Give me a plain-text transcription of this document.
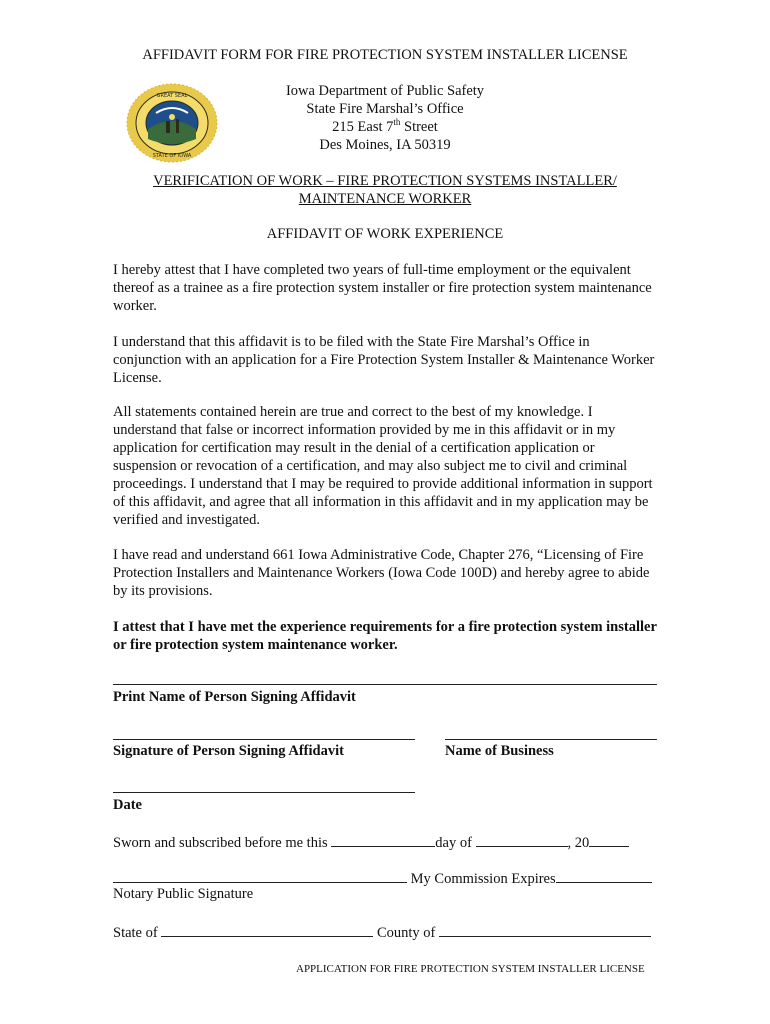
AFFIDAVIT FORM FOR FIRE PROTECTION SYSTEM INSTALLER LICENSE
GREAT SEAL
STATE OF IOWA
Iowa Department of Public Safety
State Fire Marshal’s Office
215 East 7th Street
Des Moines, IA 50319
VERIFICATION OF WORK – FIRE PROTECTION SYSTEMS INSTALLER/
MAINTENANCE WORKER
AFFIDAVIT OF WORK EXPERIENCE
I hereby attest that I have completed two years of full-time employment or the equivalent thereof as a trainee as a fire protection system installer or fire protection system maintenance worker.
I understand that this affidavit is to be filed with the State Fire Marshal’s Office in conjunction with an application for a Fire Protection System Installer & Maintenance Worker License.
All statements contained herein are true and correct to the best of my knowledge. I understand that false or incorrect information provided by me in this affidavit or in my application for certification may result in the denial of a certification application or suspension or revocation of a certification, and may also subject me to civil and criminal proceedings. I understand that I may be required to provide additional information in support of this affidavit, and agree that all information in this affidavit and in my application may be verified and investigated.
I have read and understand 661 Iowa Administrative Code, Chapter 276, “Licensing of Fire Protection Installers and Maintenance Workers (Iowa Code 100D) and hereby agree to abide by its provisions.
I attest that I have met the experience requirements for a fire protection system installer or fire protection system maintenance worker.
Print Name of Person Signing Affidavit
Signature of Person Signing Affidavit	Name of Business
Date
Sworn and subscribed before me this	day of	, 20
My Commission Expires
Notary Public Signature
State of	County of
APPLICATION FOR FIRE PROTECTION SYSTEM INSTALLER LICENSE
